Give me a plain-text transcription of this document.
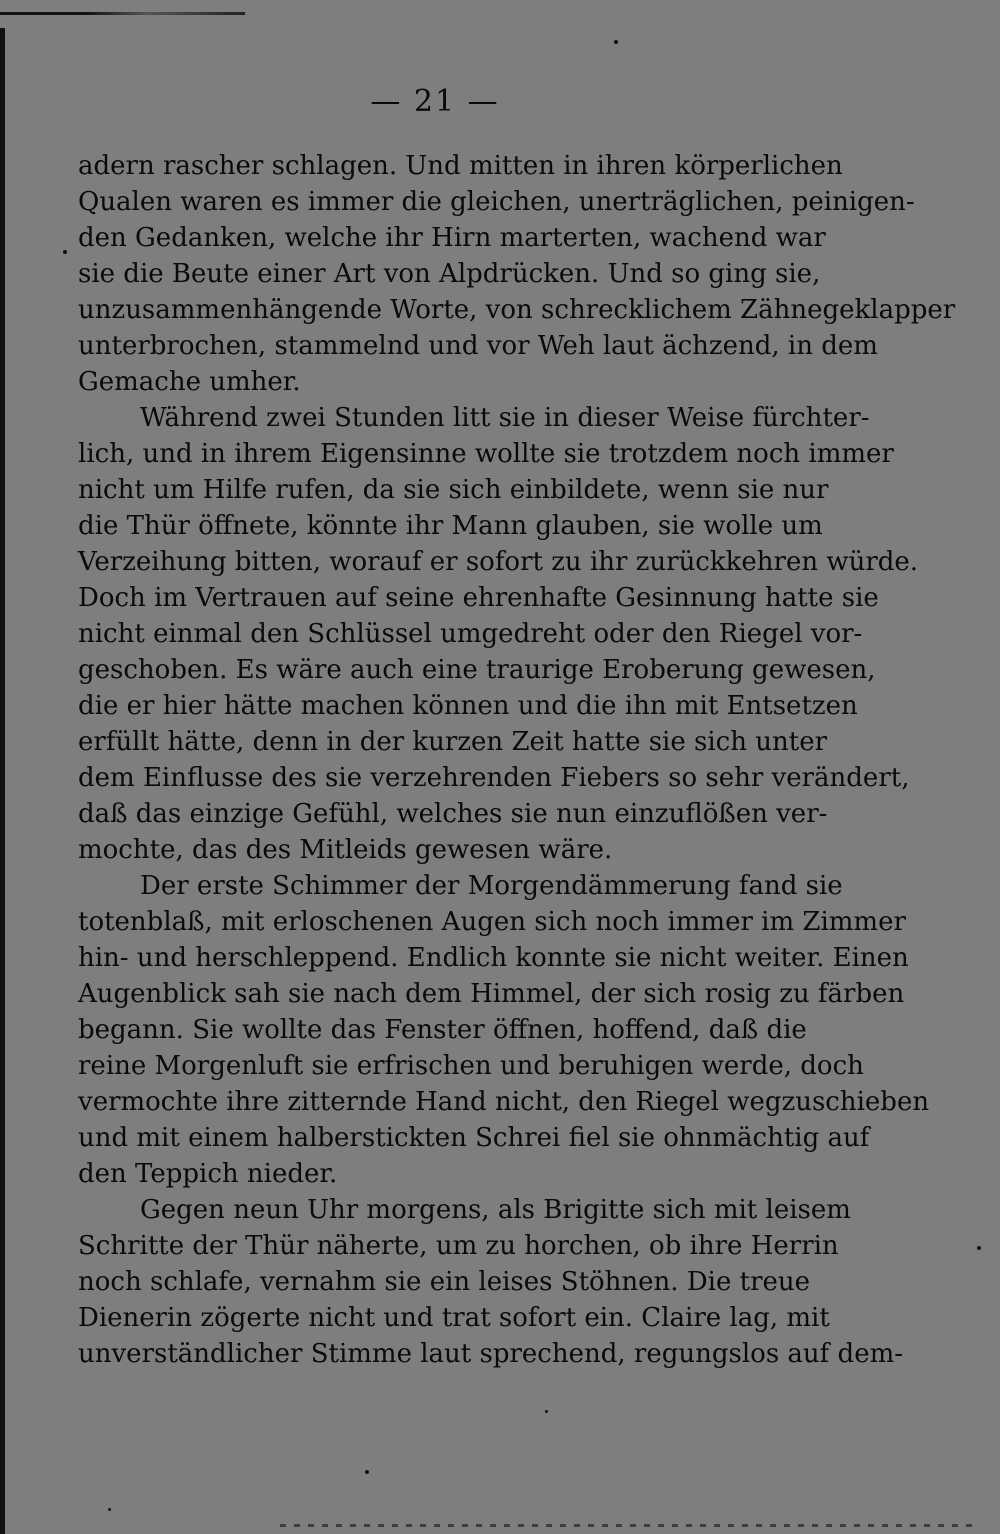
— 21 —
adern rascher schlagen. Und mitten in ihren körperlichen
Qualen waren es immer die gleichen, unerträglichen, peinigen-
den Gedanken, welche ihr Hirn marterten, wachend war
sie die Beute einer Art von Alpdrücken. Und so ging sie,
unzusammenhängende Worte, von schrecklichem Zähnegeklapper
unterbrochen, stammelnd und vor Weh laut ächzend, in dem
Gemache umher.
Während zwei Stunden litt sie in dieser Weise fürchter-
lich, und in ihrem Eigensinne wollte sie trotzdem noch immer
nicht um Hilfe rufen, da sie sich einbildete, wenn sie nur
die Thür öffnete, könnte ihr Mann glauben, sie wolle um
Verzeihung bitten, worauf er sofort zu ihr zurückkehren würde.
Doch im Vertrauen auf seine ehrenhafte Gesinnung hatte sie
nicht einmal den Schlüssel umgedreht oder den Riegel vor-
geschoben. Es wäre auch eine traurige Eroberung gewesen,
die er hier hätte machen können und die ihn mit Entsetzen
erfüllt hätte, denn in der kurzen Zeit hatte sie sich unter
dem Einflusse des sie verzehrenden Fiebers so sehr verändert,
daß das einzige Gefühl, welches sie nun einzuflößen ver-
mochte, das des Mitleids gewesen wäre.
Der erste Schimmer der Morgendämmerung fand sie
totenblaß, mit erloschenen Augen sich noch immer im Zimmer
hin- und herschleppend. Endlich konnte sie nicht weiter. Einen
Augenblick sah sie nach dem Himmel, der sich rosig zu färben
begann. Sie wollte das Fenster öffnen, hoffend, daß die
reine Morgenluft sie erfrischen und beruhigen werde, doch
vermochte ihre zitternde Hand nicht, den Riegel wegzuschieben
und mit einem halberstickten Schrei fiel sie ohnmächtig auf
den Teppich nieder.
Gegen neun Uhr morgens, als Brigitte sich mit leisem
Schritte der Thür näherte, um zu horchen, ob ihre Herrin
noch schlafe, vernahm sie ein leises Stöhnen. Die treue
Dienerin zögerte nicht und trat sofort ein. Claire lag, mit
unverständlicher Stimme laut sprechend, regungslos auf dem-
